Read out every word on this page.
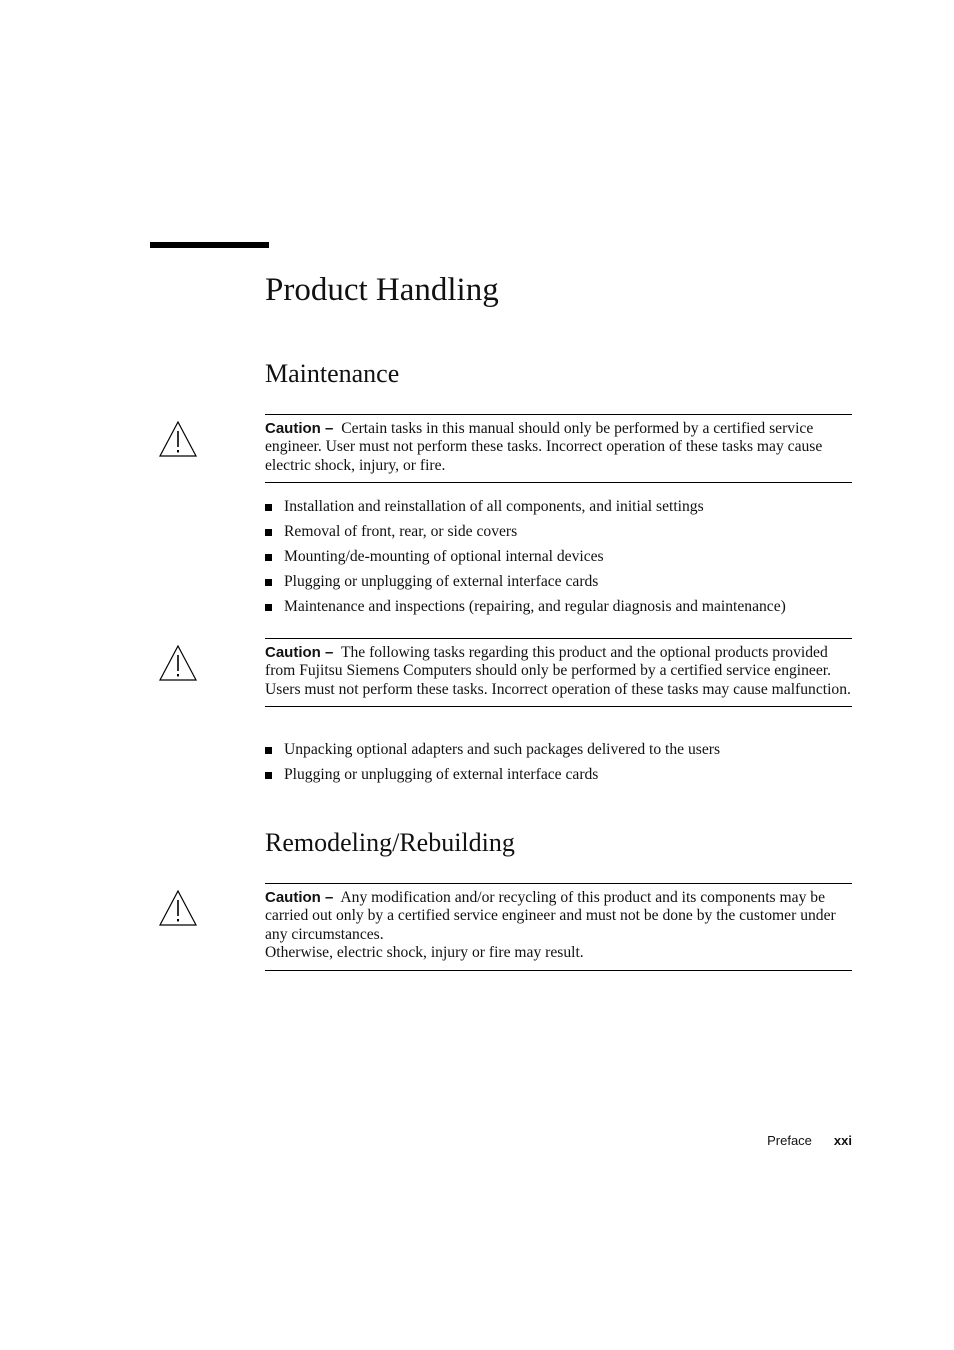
Product Handling
Maintenance

Caution – Certain tasks in this manual should only be performed by a certified service engineer. User must not perform these tasks. Incorrect operation of these tasks may cause electric shock, injury, or fire.

Installation and reinstallation of all components, and initial settings
Removal of front, rear, or side covers
Mounting/de-mounting of optional internal devices
Plugging or unplugging of external interface cards
Maintenance and inspections (repairing, and regular diagnosis and maintenance)

Caution – The following tasks regarding this product and the optional products provided from Fujitsu Siemens Computers should only be performed by a certified service engineer. Users must not perform these tasks. Incorrect operation of these tasks may cause malfunction.

Unpacking optional adapters and such packages delivered to the users
Plugging or unplugging of external interface cards
Remodeling/Rebuilding

Caution – Any modification and/or recycling of this product and its components may be carried out only by a certified service engineer and must not be done by the customer under any circumstances.

Otherwise, electric shock, injury or fire may result.

Preface xxi
